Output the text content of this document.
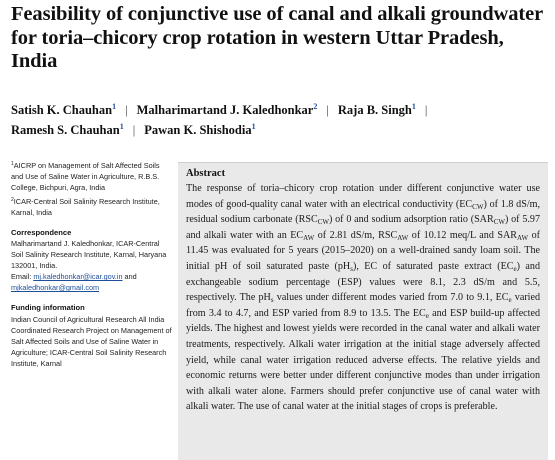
Feasibility of conjunctive use of canal and alkali groundwater for toria–chicory crop rotation in western Uttar Pradesh, India
Satish K. Chauhan$^1$ | Malharimartand J. Kaledhonkar$^2$ | Raja B. Singh$^1$ |
Ramesh S. Chauhan$^1$ | Pawan K. Shishodia$^1$
$^1$AICRP on Management of Salt Affected Soils and Use of Saline Water in Agriculture, R.B.S. College, Bichpuri, Agra, India
$^2$ICAR-Central Soil Salinity Research Institute, Karnal, India
Correspondence
Malharimartand J. Kaledhonkar, ICAR-Central Soil Salinity Research Institute, Karnal, Haryana 132001, India.
Email: mj.kaledhonkar@icar.gov.in and mjkaledhonkar@gmail.com
Funding information
Indian Council of Agricultural Research All India Coordinated Research Project on Management of Salt Affected Soils and Use of Saline Water in Agriculture; ICAR-Central Soil Salinity Research Institute, Karnal
Abstract
The response of toria–chicory crop rotation under different conjunctive water use modes of good-quality canal water with an electrical conductivity $(EC_{CW})$ of 1.8 dS/m, residual sodium carbonate $(RSC_{CW})$ of 0 and sodium adsorption ratio $(SAR_{CW})$ of 5.97 and alkali water with an $EC_{AW}$ of 2.81 dS/m, $RSC_{AW}$ of 10.12 meq/L and $SAR_{AW}$ of 11.45 was evaluated for 5 years (2015–2020) on a well-drained sandy loam soil. The initial pH of soil saturated paste $(pH_s)$, EC of saturated paste extract $(EC_e)$ and exchangeable sodium percentage (ESP) values were 8.1, 2.3 dS/m and 5.5, respectively. The $pH_s$ values under different modes varied from 7.0 to 9.1, $EC_e$ varied from 3.4 to 4.7, and ESP varied from 8.9 to 13.5. The $EC_e$ and ESP build-up affected yields. The highest and lowest yields were recorded in the canal water and alkali water treatments, respectively. Alkali water irrigation at the initial stage adversely affected yield, while canal water irrigation reduced adverse effects. The relative yields and economic returns were better under different conjunctive modes than under irrigation with alkali water alone. Farmers should prefer conjunctive use of canal water with alkali water. The use of canal water at the initial stages of crops is preferable.
